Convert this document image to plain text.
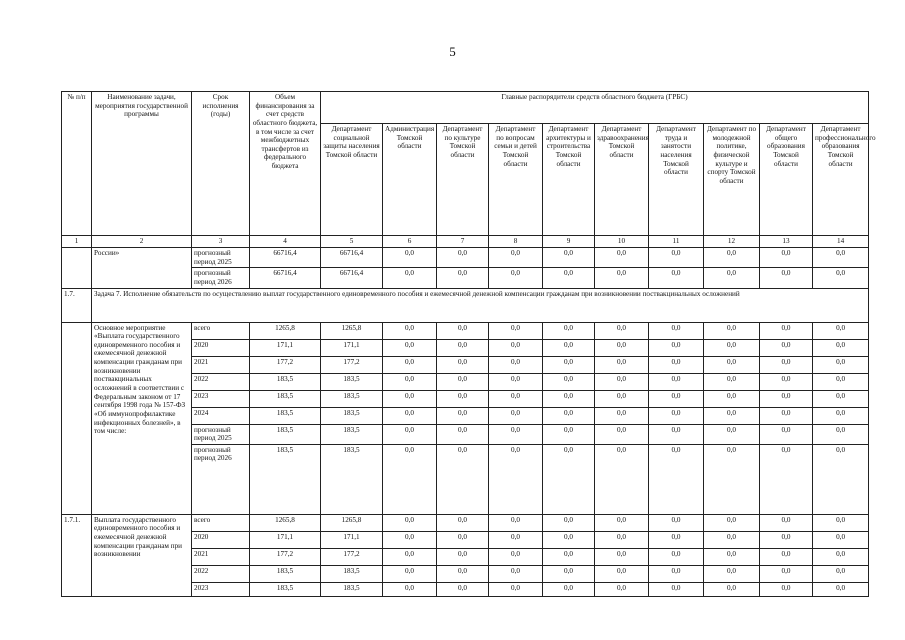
5
№ п/п	Наименование задачи, мероприятия государственной программы	Срок исполнения (годы)	Объем финансирования за счет средств областного бюджета, в том числе за счет межбюджетных трансфертов из федерального бюджета	Главные распорядители средств областного бюджета (ГРБС)									
				Департамент социальной защиты населения Томской области	Администрация Томской области	Департамент по культуре Томской области	Департамент по вопросам семьи и детей Томской области	Департамент архитектуры и строительства Томской области	Департамент здравоохранения Томской области	Департамент труда и занятости населения Томской области	Департамент по молодежной политике, физической культуре и спорту Томской области	Департамент общего образования Томской области	Департамент профессионального образования Томской области
1	2	3	4	5	6	7	8	9	10	11	12	13	14
	России»	прогнозный период 2025	66716,4	66716,4	0,0	0,0	0,0	0,0	0,0	0,0	0,0	0,0	0,0
		прогнозный период 2026	66716,4	66716,4	0,0	0,0	0,0	0,0	0,0	0,0	0,0	0,0	0,0
1.7.	Задача 7. Исполнение обязательств по осуществлению выплат государственного единовременного пособия и ежемесячной денежной компенсации гражданам при возникновении поствакцинальных осложнений												
	Основное мероприятие «Выплата государственного единовременного пособия и ежемесячной денежной компенсации гражданам при возникновении поствакцинальных осложнений в соответствии с Федеральным законом от 17 сентября 1998 года № 157-ФЗ «Об иммунопрофилактике инфекционных болезней», в том числе:	всего	1265,8	1265,8	0,0	0,0	0,0	0,0	0,0	0,0	0,0	0,0	0,0
		2020	171,1	171,1	0,0	0,0	0,0	0,0	0,0	0,0	0,0	0,0	0,0
		2021	177,2	177,2	0,0	0,0	0,0	0,0	0,0	0,0	0,0	0,0	0,0
		2022	183,5	183,5	0,0	0,0	0,0	0,0	0,0	0,0	0,0	0,0	0,0
		2023	183,5	183,5	0,0	0,0	0,0	0,0	0,0	0,0	0,0	0,0	0,0
		2024	183,5	183,5	0,0	0,0	0,0	0,0	0,0	0,0	0,0	0,0	0,0
		прогнозный период 2025	183,5	183,5	0,0	0,0	0,0	0,0	0,0	0,0	0,0	0,0	0,0
		прогнозный период 2026	183,5	183,5	0,0	0,0	0,0	0,0	0,0	0,0	0,0	0,0	0,0
1.7.1.	Выплата государственного единовременного пособия и ежемесячной денежной компенсации гражданам при возникновении	всего	1265,8	1265,8	0,0	0,0	0,0	0,0	0,0	0,0	0,0	0,0	0,0
		2020	171,1	171,1	0,0	0,0	0,0	0,0	0,0	0,0	0,0	0,0	0,0
		2021	177,2	177,2	0,0	0,0	0,0	0,0	0,0	0,0	0,0	0,0	0,0
		2022	183,5	183,5	0,0	0,0	0,0	0,0	0,0	0,0	0,0	0,0	0,0
		2023	183,5	183,5	0,0	0,0	0,0	0,0	0,0	0,0	0,0	0,0	0,0
